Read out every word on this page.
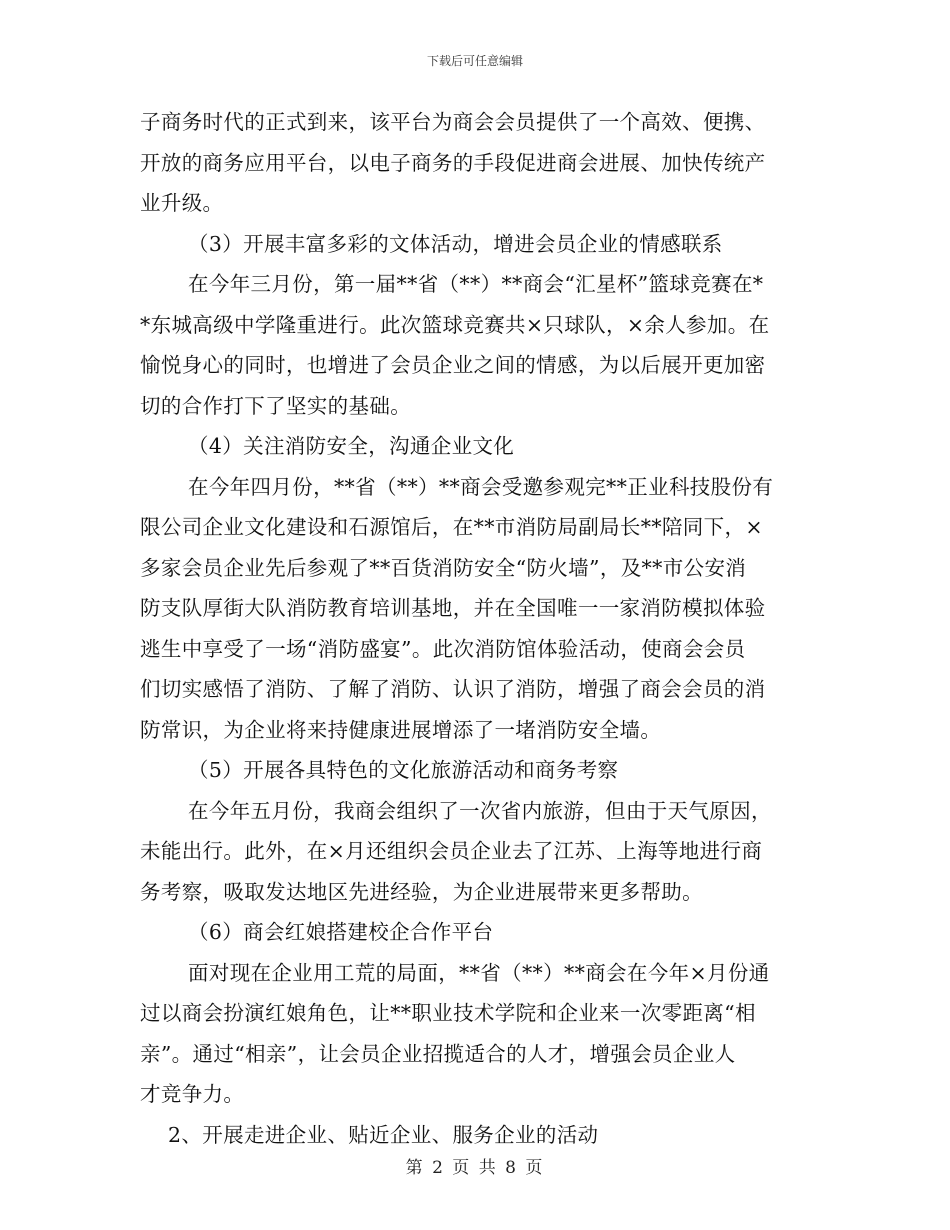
下载后可任意编辑
子商务时代的正式到来，该平台为商会会员提供了一个高效、便携、
开放的商务应用平台，以电子商务的手段促进商会进展、加快传统产
业升级。
（3）开展丰富多彩的文体活动，增进会员企业的情感联系
在今年三月份，第一届**省（**）**商会“汇星杯”篮球竞赛在*
*东城高级中学隆重进行。此次篮球竞赛共×只球队，×余人参加。在
愉悦身心的同时，也增进了会员企业之间的情感，为以后展开更加密
切的合作打下了坚实的基础。
（4）关注消防安全，沟通企业文化
在今年四月份，**省（**）**商会受邀参观完**正业科技股份有
限公司企业文化建设和石源馆后，在**市消防局副局长**陪同下，×
多家会员企业先后参观了**百货消防安全“防火墙”，及**市公安消
防支队厚街大队消防教育培训基地，并在全国唯一一家消防模拟体验
逃生中享受了一场“消防盛宴”。此次消防馆体验活动，使商会会员
们切实感悟了消防、了解了消防、认识了消防，增强了商会会员的消
防常识，为企业将来持健康进展增添了一堵消防安全墙。
（5）开展各具特色的文化旅游活动和商务考察
在今年五月份，我商会组织了一次省内旅游，但由于天气原因，
未能出行。此外，在×月还组织会员企业去了江苏、上海等地进行商
务考察，吸取发达地区先进经验，为企业进展带来更多帮助。
（6）商会红娘搭建校企合作平台
面对现在企业用工荒的局面，**省（**）**商会在今年×月份通
过以商会扮演红娘角色，让**职业技术学院和企业来一次零距离“相
亲”。通过“相亲”，让会员企业招揽适合的人才，增强会员企业人
才竞争力。
2、开展走进企业、贴近企业、服务企业的活动
第 2 页 共 8 页
